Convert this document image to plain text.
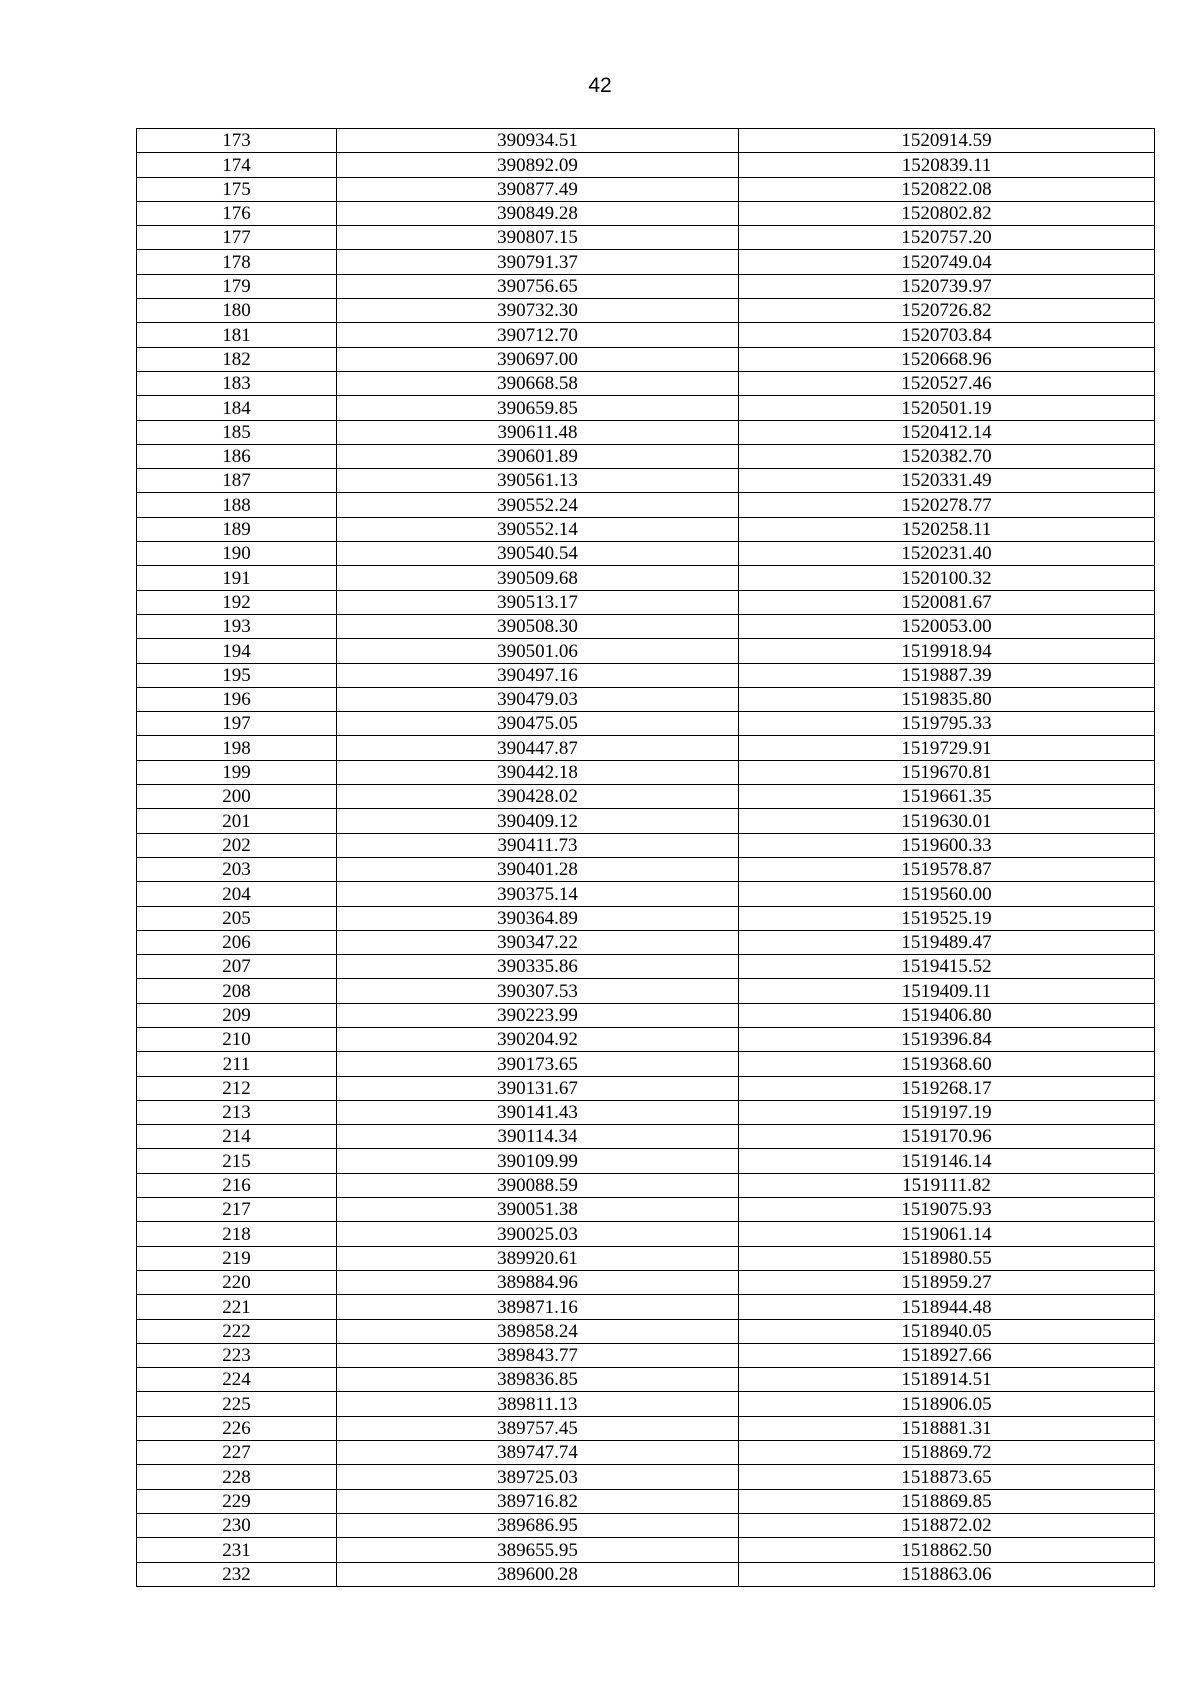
42
173	390934.51	1520914.59
174	390892.09	1520839.11
175	390877.49	1520822.08
176	390849.28	1520802.82
177	390807.15	1520757.20
178	390791.37	1520749.04
179	390756.65	1520739.97
180	390732.30	1520726.82
181	390712.70	1520703.84
182	390697.00	1520668.96
183	390668.58	1520527.46
184	390659.85	1520501.19
185	390611.48	1520412.14
186	390601.89	1520382.70
187	390561.13	1520331.49
188	390552.24	1520278.77
189	390552.14	1520258.11
190	390540.54	1520231.40
191	390509.68	1520100.32
192	390513.17	1520081.67
193	390508.30	1520053.00
194	390501.06	1519918.94
195	390497.16	1519887.39
196	390479.03	1519835.80
197	390475.05	1519795.33
198	390447.87	1519729.91
199	390442.18	1519670.81
200	390428.02	1519661.35
201	390409.12	1519630.01
202	390411.73	1519600.33
203	390401.28	1519578.87
204	390375.14	1519560.00
205	390364.89	1519525.19
206	390347.22	1519489.47
207	390335.86	1519415.52
208	390307.53	1519409.11
209	390223.99	1519406.80
210	390204.92	1519396.84
211	390173.65	1519368.60
212	390131.67	1519268.17
213	390141.43	1519197.19
214	390114.34	1519170.96
215	390109.99	1519146.14
216	390088.59	1519111.82
217	390051.38	1519075.93
218	390025.03	1519061.14
219	389920.61	1518980.55
220	389884.96	1518959.27
221	389871.16	1518944.48
222	389858.24	1518940.05
223	389843.77	1518927.66
224	389836.85	1518914.51
225	389811.13	1518906.05
226	389757.45	1518881.31
227	389747.74	1518869.72
228	389725.03	1518873.65
229	389716.82	1518869.85
230	389686.95	1518872.02
231	389655.95	1518862.50
232	389600.28	1518863.06
